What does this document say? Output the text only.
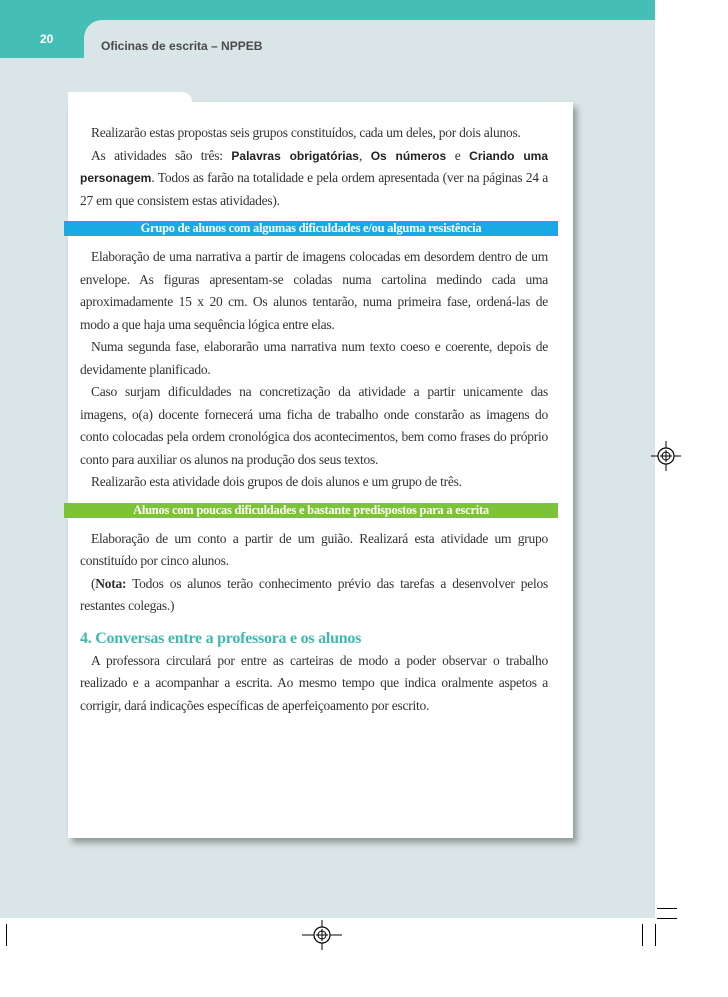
20	Oficinas de escrita – NPPEB

Realizarão estas propostas seis grupos constituídos, cada um deles, por dois alunos.

As atividades são três: Palavras obrigatórias, Os números e Criando uma personagem. Todos as farão na totalidade e pela ordem apresentada (ver na páginas 24 a 27 em que consistem estas atividades).

Grupo de alunos com algumas dificuldades e/ou alguma resistência

Elaboração de uma narrativa a partir de imagens colocadas em desordem dentro de um envelope. As figuras apresentam-se coladas numa cartolina medindo cada uma aproximadamente 15 x 20 cm. Os alunos tentarão, numa primeira fase, ordená-las de modo a que haja uma sequência lógica entre elas.

Numa segunda fase, elaborarão uma narrativa num texto coeso e coerente, depois de devidamente planificado.

Caso surjam dificuldades na concretização da atividade a partir unicamente das imagens, o(a) docente fornecerá uma ficha de trabalho onde constarão as imagens do conto colocadas pela ordem cronológica dos acontecimentos, bem como frases do próprio conto para auxiliar os alunos na produção dos seus textos.

Realizarão esta atividade dois grupos de dois alunos e um grupo de três.

Alunos com poucas dificuldades e bastante predispostos para a escrita

Elaboração de um conto a partir de um guião. Realizará esta atividade um grupo constituído por cinco alunos.

(Nota: Todos os alunos terão conhecimento prévio das tarefas a desenvolver pelos restantes colegas.)

4. Conversas entre a professora e os alunos

A professora circulará por entre as carteiras de modo a poder observar o trabalho realizado e a acompanhar a escrita. Ao mesmo tempo que indica oralmente aspetos a corrigir, dará indicações específicas de aperfeiçoamento por escrito.
